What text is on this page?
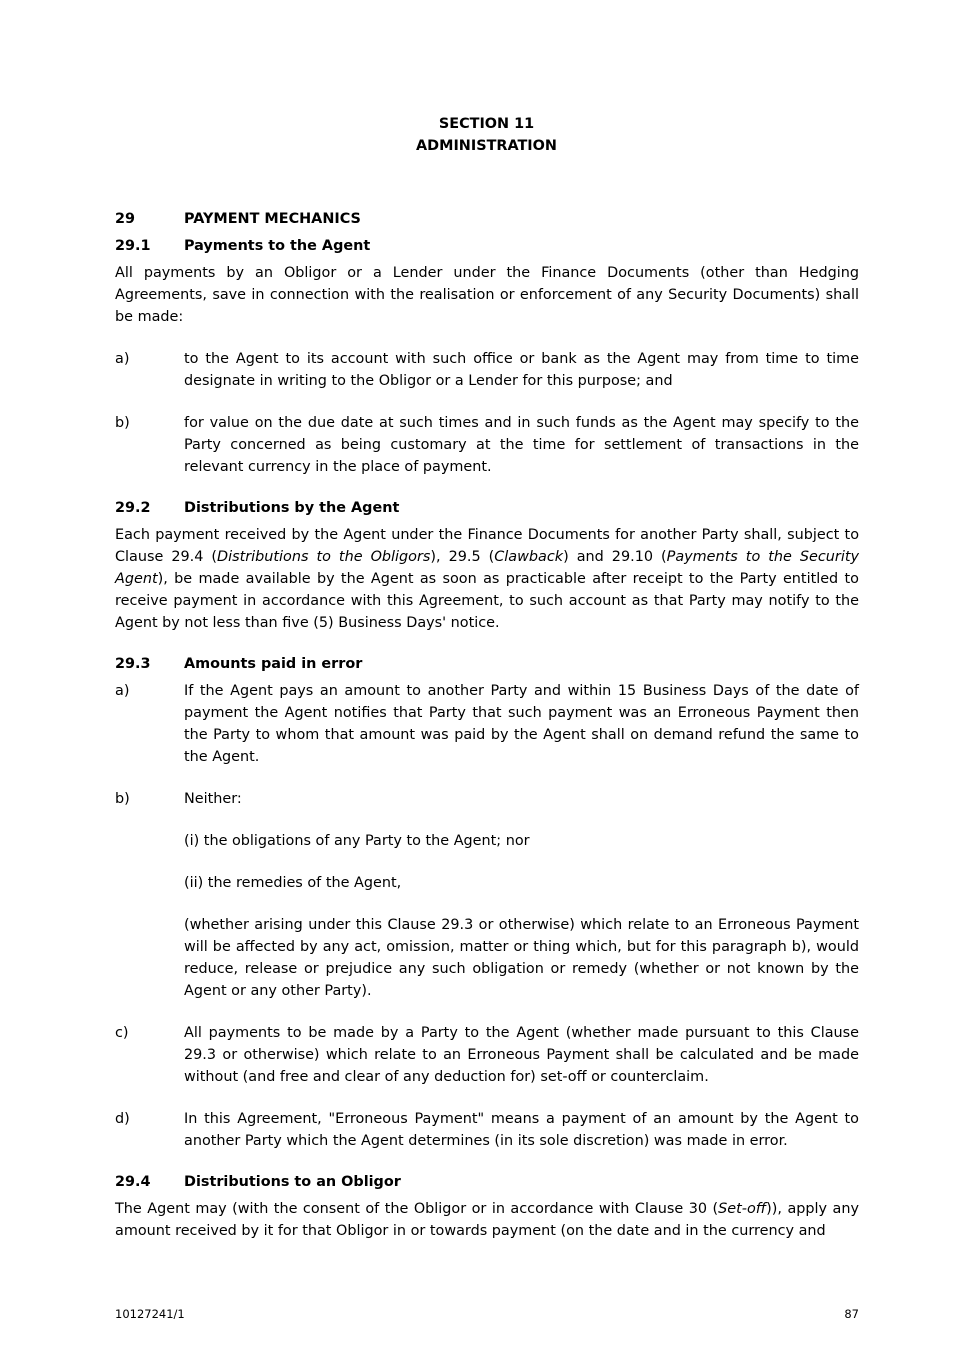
SECTION 11
ADMINISTRATION
29	PAYMENT MECHANICS
29.1	Payments to the Agent

All payments by an Obligor or a Lender under the Finance Documents (other than Hedging Agreements, save in connection with the realisation or enforcement of any Security Documents) shall be made:

a)	to the Agent to its account with such office or bank as the Agent may from time to time designate in writing to the Obligor or a Lender for this purpose; and
b)	for value on the due date at such times and in such funds as the Agent may specify to the Party concerned as being customary at the time for settlement of transactions in the relevant currency in the place of payment.
29.2	Distributions by the Agent

Each payment received by the Agent under the Finance Documents for another Party shall, subject to Clause 29.4 (Distributions to the Obligors), 29.5 (Clawback) and 29.10 (Payments to the Security Agent), be made available by the Agent as soon as practicable after receipt to the Party entitled to receive payment in accordance with this Agreement, to such account as that Party may notify to the Agent by not less than five (5) Business Days' notice.

29.3	Amounts paid in error
a)	If the Agent pays an amount to another Party and within 15 Business Days of the date of payment the Agent notifies that Party that such payment was an Erroneous Payment then the Party to whom that amount was paid by the Agent shall on demand refund the same to the Agent.
b)	Neither:
(i) the obligations of any Party to the Agent; nor
(ii) the remedies of the Agent,
(whether arising under this Clause 29.3 or otherwise) which relate to an Erroneous Payment will be affected by any act, omission, matter or thing which, but for this paragraph b), would reduce, release or prejudice any such obligation or remedy (whether or not known by the Agent or any other Party).
c)	All payments to be made by a Party to the Agent (whether made pursuant to this Clause 29.3 or otherwise) which relate to an Erroneous Payment shall be calculated and be made without (and free and clear of any deduction for) set-off or counterclaim.
d)	In this Agreement, "Erroneous Payment" means a payment of an amount by the Agent to another Party which the Agent determines (in its sole discretion) was made in error.
29.4	Distributions to an Obligor

The Agent may (with the consent of the Obligor or in accordance with Clause 30 (Set-off)), apply any amount received by it for that Obligor in or towards payment (on the date and in the currency and

10127241/1	87
